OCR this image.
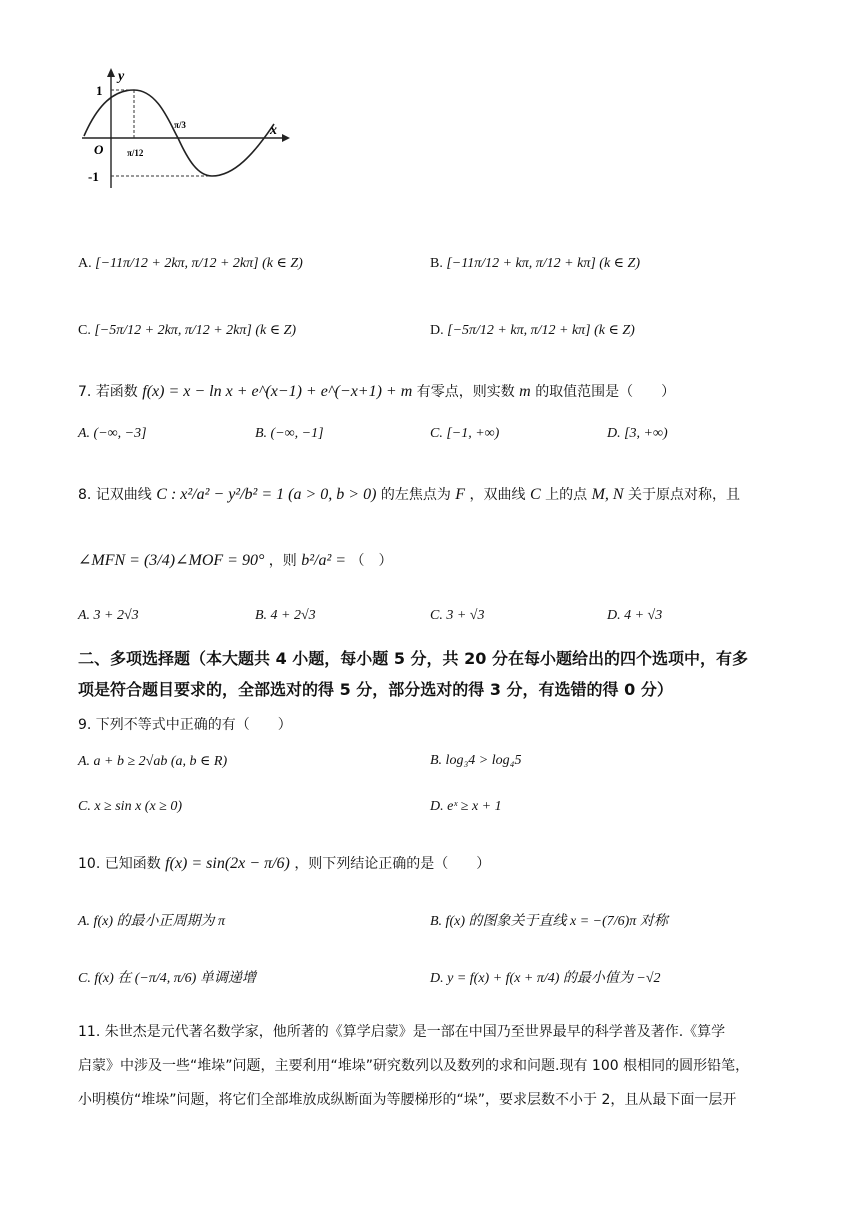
y
x
O
1
-1
π/12
π/3
A. [−11π/12 + 2kπ, π/12 + 2kπ] (k ∈ Z)	B. [−11π/12 + kπ, π/12 + kπ] (k ∈ Z)
C. [−5π/12 + 2kπ, π/12 + 2kπ] (k ∈ Z)	D. [−5π/12 + kπ, π/12 + kπ] (k ∈ Z)
7. 若函数 f(x) = x − ln x + e^(x−1) + e^(−x+1) + m 有零点，则实数 m 的取值范围是（　　）
A. (−∞, −3]	B. (−∞, −1]	C. [−1, +∞)	D. [3, +∞)
8. 记双曲线 C : x²/a² − y²/b² = 1 (a > 0, b > 0) 的左焦点为 F ，双曲线 C 上的点 M, N 关于原点对称，且
∠MFN = (3/4)∠MOF = 90° ，则 b²/a² = （　）
A. 3 + 2√3	B. 4 + 2√3	C. 3 + √3	D. 4 + √3
二、多项选择题（本大题共 4 小题，每小题 5 分，共 20 分在每小题给出的四个选项中，有多
项是符合题目要求的，全部选对的得 5 分，部分选对的得 3 分，有选错的得 0 分）
9. 下列不等式中正确的有（　　）
A. a + b ≥ 2√ab (a, b ∈ R)	B. log₃4 > log₄5
C. x ≥ sin x (x ≥ 0)	D. eˣ ≥ x + 1
10. 已知函数 f(x) = sin(2x − π/6) ，则下列结论正确的是（　　）
A. f(x) 的最小正周期为 π	B. f(x) 的图象关于直线 x = −(7/6)π 对称
C. f(x) 在 (−π/4, π/6) 单调递增	D. y = f(x) + f(x + π/4) 的最小值为 −√2
11. 朱世杰是元代著名数学家，他所著的《算学启蒙》是一部在中国乃至世界最早的科学普及著作.《算学
启蒙》中涉及一些“堆垛”问题，主要利用“堆垛”研究数列以及数列的求和问题.现有 100 根相同的圆形铅笔，
小明模仿“堆垛”问题，将它们全部堆放成纵断面为等腰梯形的“垛”，要求层数不小于 2，且从最下面一层开
